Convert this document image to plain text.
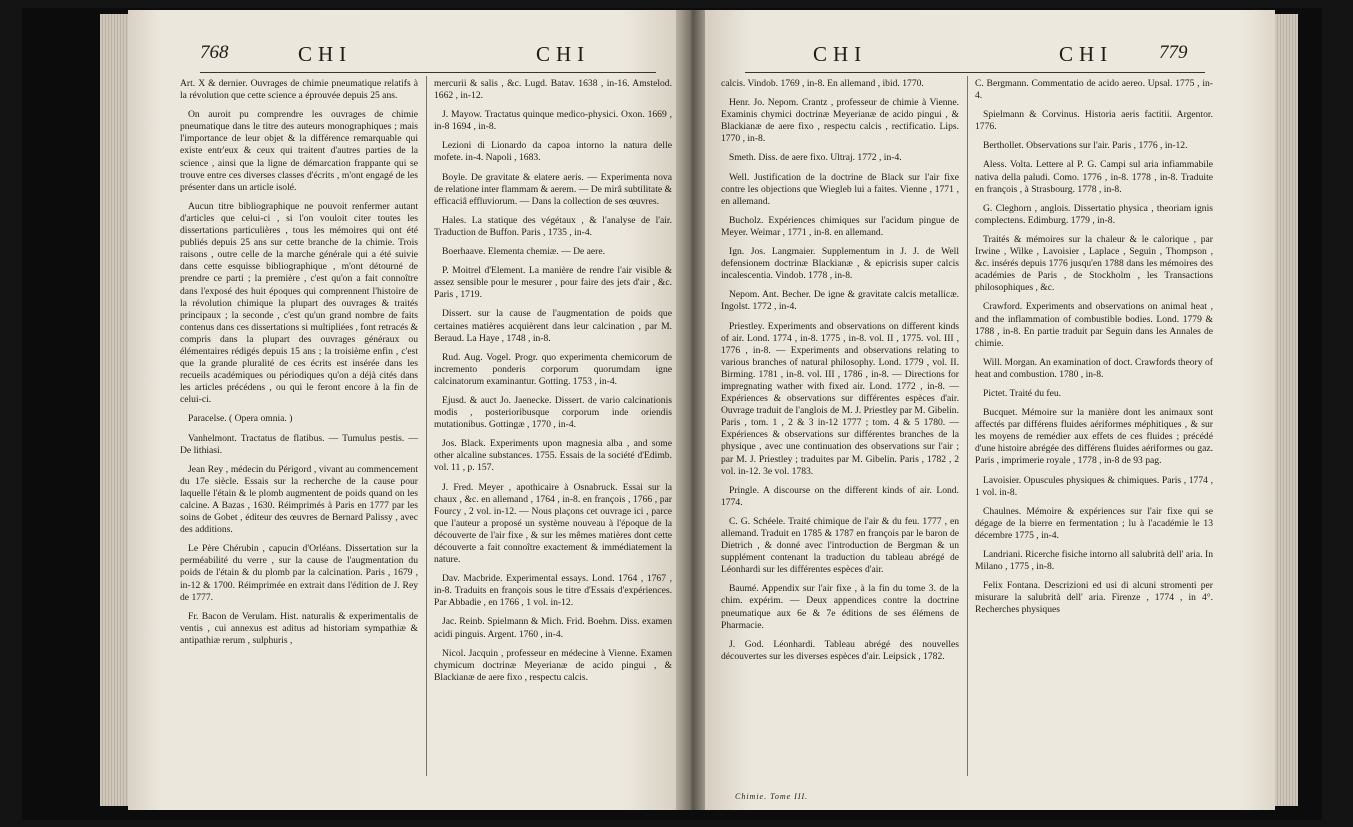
768	CHI	CHI

Art. X & dernier. Ouvrages de chimie pneumatique relatifs à la révolution que cette science a éprouvée depuis 25 ans.

On auroit pu comprendre les ouvrages de chimie pneumatique dans le titre des auteurs monographiques ; mais l'importance de leur objet & la différence remarquable qui existe entr'eux & ceux qui traitent d'autres parties de la science , ainsi que la ligne de démarcation frappante qui se trouve entre ces diverses classes d'écrits , m'ont engagé de les présenter dans un article isolé.

Aucun titre bibliographique ne pouvoit renfermer autant d'articles que celui-ci , si l'on vouloit citer toutes les dissertations particulières , tous les mémoires qui ont été publiés depuis 25 ans sur cette branche de la chimie. Trois raisons , outre celle de la marche générale qui a été suivie dans cette esquisse bibliographique , m'ont détourné de prendre ce parti ; la première , c'est qu'on a fait connoître dans l'exposé des huit époques qui comprennent l'histoire de la révolution chimique la plupart des ouvrages & traités principaux ; la seconde , c'est qu'un grand nombre de faits contenus dans ces dissertations si multipliées , font retracés & compris dans la plupart des ouvrages généraux ou élémentaires rédigés depuis 15 ans ; la troisième enfin , c'est que la grande pluralité de ces écrits est insérée dans les recueils académiques ou périodiques qu'on a déjà cités dans les articles précédens , ou qui le feront encore à la fin de celui-ci.

Paracelse. ( Opera omnia. )

Vanhelmont. Tractatus de flatibus. — Tumulus pestis. — De lithiasi.

Jean Rey , médecin du Périgord , vivant au commencement du 17e siècle. Essais sur la recherche de la cause pour laquelle l'étain & le plomb augmentent de poids quand on les calcine. A Bazas , 1630. Réimprimés à Paris en 1777 par les soins de Gobet , éditeur des œuvres de Bernard Palissy , avec des additions.

Le Père Chérubin , capucin d'Orléans. Dissertation sur la perméabilité du verre , sur la cause de l'augmentation du poids de l'étain & du plomb par la calcination. Paris , 1679 , in-12 & 1700. Réimprimée en extrait dans l'édition de J. Rey de 1777.

Fr. Bacon de Verulam. Hist. naturalis & experimentalis de ventis , cui annexus est aditus ad historiam sympathiæ & antipathiæ rerum , sulphuris ,

mercurii & salis , &c. Lugd. Batav. 1638 , in-16. Amstelod. 1662 , in-12.

J. Mayow. Tractatus quinque medico-physici. Oxon. 1669 , in-8 1694 , in-8.

Lezioni di Lionardo da capoa intorno la natura delle mofete. in-4. Napoli , 1683.

Boyle. De gravitate & elatere aeris. — Experimenta nova de relatione inter flammam & aerem. — De mirâ subtilitate & efficaciâ effluviorum. — Dans la collection de ses œuvres.

Hales. La statique des végétaux , & l'analyse de l'air. Traduction de Buffon. Paris , 1735 , in-4.

Boerhaave. Elementa chemiæ. — De aere.

P. Moitrel d'Element. La manière de rendre l'air visible & assez sensible pour le mesurer , pour faire des jets d'air , &c. Paris , 1719.

Dissert. sur la cause de l'augmentation de poids que certaines matières acquièrent dans leur calcination , par M. Beraud. La Haye , 1748 , in-8.

Rud. Aug. Vogel. Progr. quo experimenta chemicorum de incremento ponderis corporum quorumdam igne calcinatorum examinantur. Gotting. 1753 , in-4.

Ejusd. & auct Jo. Jaenecke. Dissert. de vario calcinationis modis , posterioribusque corporum inde oriendis mutationibus. Gottingæ , 1770 , in-4.

Jos. Black. Experiments upon magnesia alba , and some other alcaline substances. 1755. Essais de la société d'Edimb. vol. 11 , p. 157.

J. Fred. Meyer , apothicaire à Osnabruck. Essai sur la chaux , &c. en allemand , 1764 , in-8. en françois , 1766 , par Fourcy , 2 vol. in-12. — Nous plaçons cet ouvrage ici , parce que l'auteur a proposé un système nouveau à l'époque de la découverte de l'air fixe , & sur les mêmes matières dont cette découverte a fait connoître exactement & immédiatement la nature.

Dav. Macbride. Experimental essays. Lond. 1764 , 1767 , in-8. Traduits en françois sous le titre d'Essais d'expériences. Par Abbadie , en 1766 , 1 vol. in-12.

Jac. Reinb. Spielmann & Mich. Frid. Boehm. Diss. examen acidi pinguis. Argent. 1760 , in-4.

Nicol. Jacquin , professeur en médecine à Vienne. Examen chymicum doctrinæ Meyerianæ de acido pingui , & Blackianæ de aere fixo , respectu calcis.

CHI	CHI 779

calcis. Vindob. 1769 , in-8. En allemand , ibid. 1770.

Henr. Jo. Nepom. Crantz , professeur de chimie à Vienne. Examinis chymici doctrinæ Meyerianæ de acido pingui , & Blackianæ de aere fixo , respectu calcis , rectificatio. Lips. 1770 , in-8.

Smeth. Diss. de aere fixo. Ultraj. 1772 , in-4.

Well. Justification de la doctrine de Black sur l'air fixe contre les objections que Wiegleb lui a faites. Vienne , 1771 , en allemand.

Bucholz. Expériences chimiques sur l'acidum pingue de Meyer. Weimar , 1771 , in-8. en allemand.

Ign. Jos. Langmaier. Supplementum in J. J. de Well defensionem doctrinæ Blackianæ , & epicrisis super calcis incalescentia. Vindob. 1778 , in-8.

Nepom. Ant. Becher. De igne & gravitate calcis metallicæ. Ingolst. 1772 , in-4.

Priestley. Experiments and observations on different kinds of air. Lond. 1774 , in-8. 1775 , in-8. vol. II , 1775. vol. III , 1776 , in-8. — Experiments and observations relating to various branches of natural philosophy. Lond. 1779 , vol. II. Birming. 1781 , in-8. vol. III , 1786 , in-8. — Directions for impregnating wather with fixed air. Lond. 1772 , in-8. — Expériences & observations sur différentes espèces d'air. Ouvrage traduit de l'anglois de M. J. Priestley par M. Gibelin. Paris , tom. 1 , 2 & 3 in-12 1777 ; tom. 4 & 5 1780. — Expériences & observations sur différentes branches de la physique , avec une continuation des observations sur l'air ; par M. J. Priestley ; traduites par M. Gibelin. Paris , 1782 , 2 vol. in-12. 3e vol. 1783.

Pringle. A discourse on the different kinds of air. Lond. 1774.

C. G. Schéele. Traité chimique de l'air & du feu. 1777 , en allemand. Traduit en 1785 & 1787 en françois par le baron de Dietrich , & donné avec l'introduction de Bergman & un supplément contenant la traduction du tableau abrégé de Léonhardi sur les différentes espèces d'air.

Baumé. Appendix sur l'air fixe , à la fin du tome 3. de la chim. expérim. — Deux appendices contre la doctrine pneumatique aux 6e & 7e éditions de ses élémens de Pharmacie.

J. God. Léonhardi. Tableau abrégé des nouvelles découvertes sur les diverses espèces d'air. Leipsick , 1782.

C. Bergmann. Commentatio de acido aereo. Upsal. 1775 , in-4.

Spielmann & Corvinus. Historia aeris factitii. Argentor. 1776.

Berthollet. Observations sur l'air. Paris , 1776 , in-12.

Aless. Volta. Lettere al P. G. Campi sul aria infiammabile nativa della paludi. Como. 1776 , in-8. 1778 , in-8. Traduite en françois , à Strasbourg. 1778 , in-8.

G. Cleghorn , anglois. Dissertatio physica , theoriam ignis complectens. Edimburg. 1779 , in-8.

Traités & mémoires sur la chaleur & le calorique , par Irwine , Wilke , Lavoisier , Laplace , Seguin , Thompson , &c. insérés depuis 1776 jusqu'en 1788 dans les mémoires des académies de Paris , de Stockholm , les Transactions philosophiques , &c.

Crawford. Experiments and observations on animal heat , and the inflammation of combustible bodies. Lond. 1779 & 1788 , in-8. En partie traduit par Seguin dans les Annales de chimie.

Will. Morgan. An examination of doct. Crawfords theory of heat and combustion. 1780 , in-8.

Pictet. Traité du feu.

Bucquet. Mémoire sur la manière dont les animaux sont affectés par différens fluides aériformes méphitiques , & sur les moyens de remédier aux effets de ces fluides ; précédé d'une histoire abrégée des différens fluides aériformes ou gaz. Paris , imprimerie royale , 1778 , in-8 de 93 pag.

Lavoisier. Opuscules physiques & chimiques. Paris , 1774 , 1 vol. in-8.

Chaulnes. Mémoire & expériences sur l'air fixe qui se dégage de la bierre en fermentation ; lu à l'académie le 13 décembre 1775 , in-4.

Landriani. Ricerche fisiche intorno all salubrità dell' aria. In Milano , 1775 , in-8.

Felix Fontana. Descrizioni ed usi di alcuni stromenti per misurare la salubrità dell' aria. Firenze , 1774 , in 4°. Recherches physiques

Chimie. Tome III.
